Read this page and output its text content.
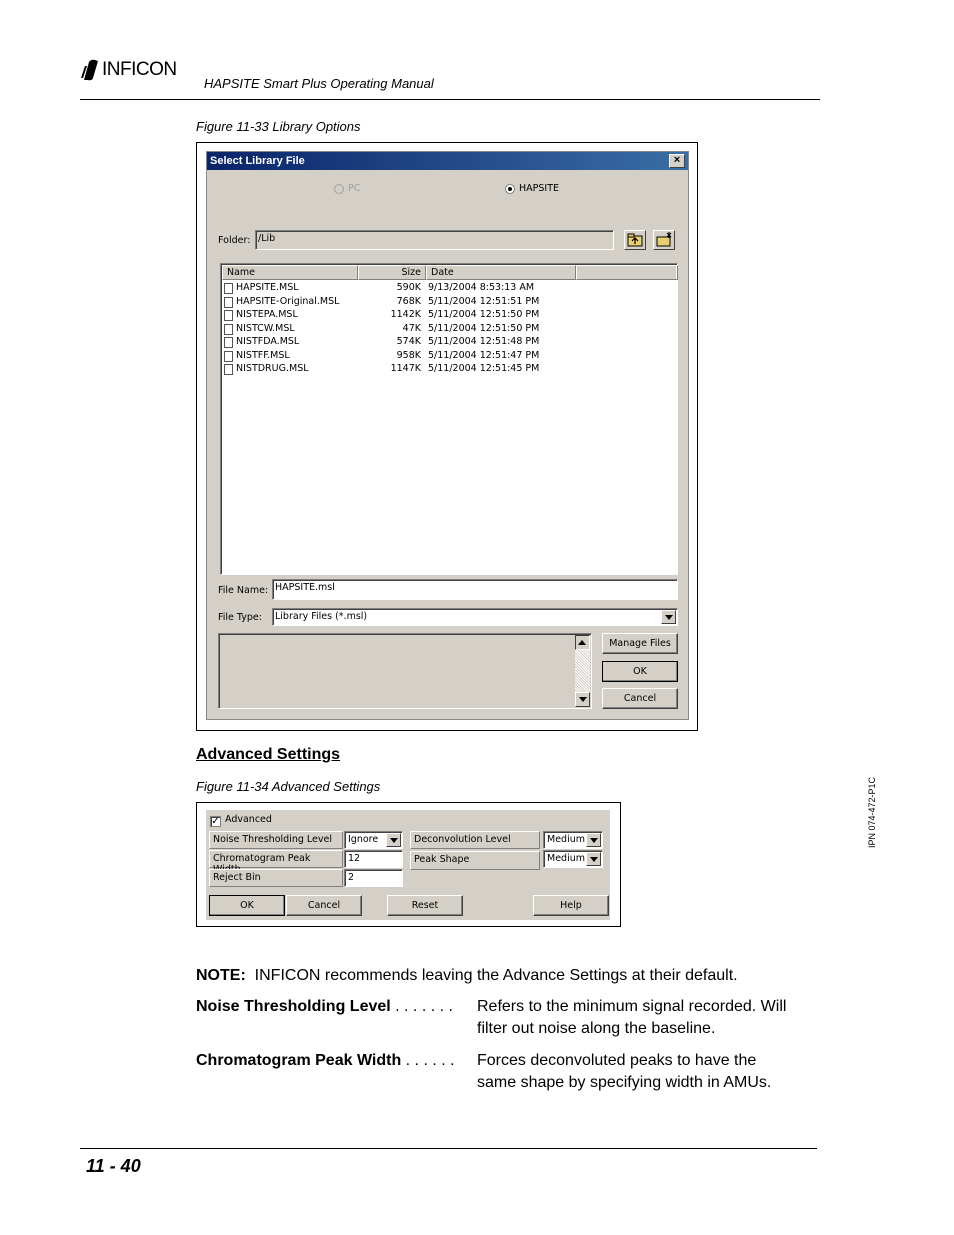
INFICON
HAPSITE Smart Plus Operating Manual
Figure 11-33 Library Options
Select Library File	×
PC	HAPSITE
Folder: /Lib
Name	Size	Date
HAPSITE.MSL	590K 9/13/2004 8:53:13 AM
HAPSITE-Original.MSL	768K 5/11/2004 12:51:51 PM
NISTEPA.MSL	1142K 5/11/2004 12:51:50 PM
NISTCW.MSL	47K 5/11/2004 12:51:50 PM
NISTFDA.MSL	574K 5/11/2004 12:51:48 PM
NISTFF.MSL	958K 5/11/2004 12:51:47 PM
NISTDRUG.MSL	1147K 5/11/2004 12:51:45 PM
File Name: HAPSITE.msl
File Type: Library Files (*.msl)
Manage Files
OK
Cancel
Advanced Settings
Figure 11-34 Advanced Settings
✓ Advanced
Noise Thresholding Level	Ignore
Chromatogram Peak	12
Reject Bin	2
Deconvolution Level	Medium
Peak Shape	Medium
OK	Cancel	Reset	Help
NOTE: INFICON recommends leaving the Advance Settings at their default.
Noise Thresholding Level . . . . . . . Refers to the minimum signal recorded. Will
filter out noise along the baseline.
Chromatogram Peak Width . . . . . . Forces deconvoluted peaks to have the
same shape by specifying width in AMUs.
11 - 40
IPN 074-472-P1C
